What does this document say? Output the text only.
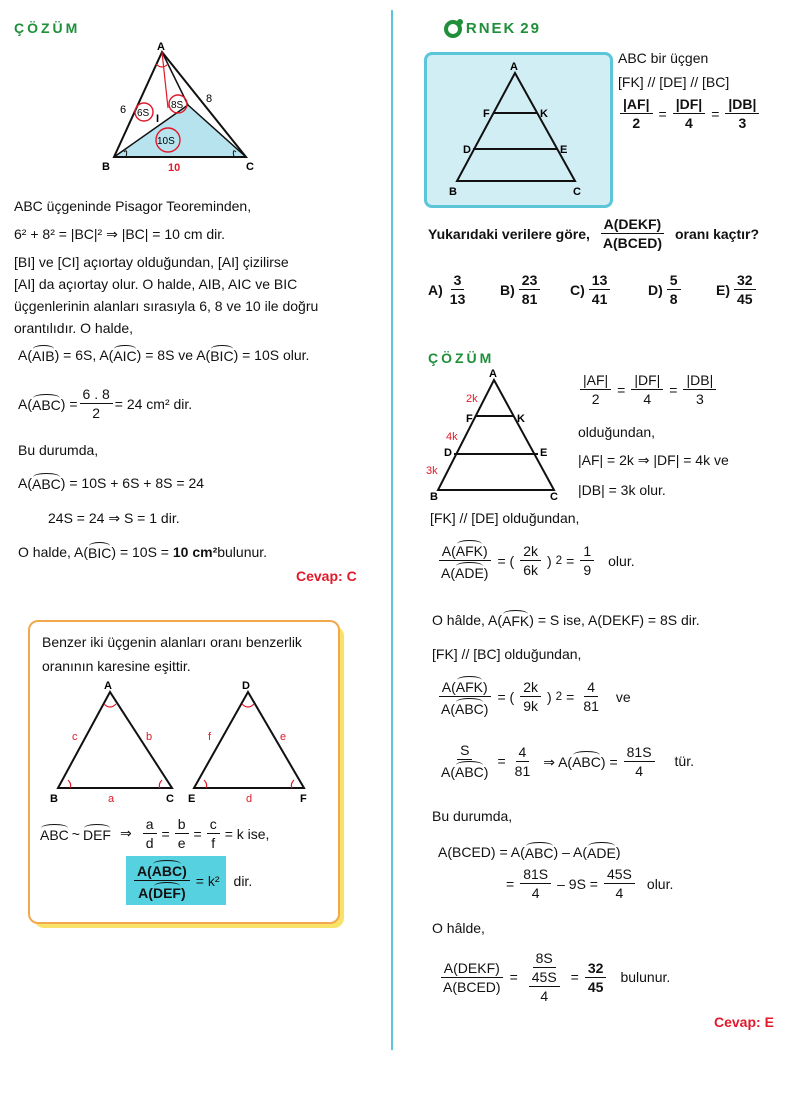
ÇÖZÜM
A
B	C
I
6
8
10
6S
8S
10S
ABC üçgeninde Pisagor Teoreminden,
6² + 8² = |BC|² ⇒ |BC| = 10 cm dir.
[BI] ve [CI] açıortay olduğundan, [AI] çizilirse
[AI] da açıortay olur. O halde, AIB, AIC ve BIC
üçgenlerinin alanları sırasıyla 6, 8 ve 10 ile doğru
orantılıdır. O halde,
A( AIB ) = 6S, A( AIC ) = 8S ve A( BIC ) = 10S olur.
A( ABC ) = $\frac{6 . 8}{2} = 24$ cm² dir.
Bu durumda,
A( ABC ) = 10S + 6S + 8S = 24
24S = 24 ⇒ S = 1 dir.
O halde, A( BIC ) = 10S =
10 cm² bulunur.
Cevap: C
Benzer iki üçgenin alanları oranı benzerlik
oranının karesine eşittir.
A
B	C
a
b
c
D
E	F
d
e
f
ABC ~ DEF ⇒ $\frac{a}{d} = \frac{b}{e} = \frac{c}{f} = k$ ise,
$\frac{\text{A(ABC)}}{\text{A(DEF)}} = k^2$ dir.
RNEK 29
A
F	K
D	E
B	C
ABC bir üçgen
[FK] // [DE] // [BC]
$\frac{|AF|}{2} = \frac{|DF|}{4} = \frac{|DB|}{3}$
Yukarıdaki verilere göre, $\frac{\text{A(DEKF)}}{\text{A(BCED)}}$ oranı kaçtır?
$A) \frac{3}{13} B) \frac{23}{81} C) \frac{13}{41}$	$D) \frac{5}{8}$	$E) \frac{32}{45}$
ÇÖZÜM
A
F	K
D	E
B	C
2k
4k
3k
$\frac{|AF|}{2} = \frac{|DF|}{4} = \frac{|DB|}{3}$
olduğundan,
|AF| = 2k ⇒ |DF| = 4k ve
|DB| = 3k olur.
[FK] // [DE] olduğundan,
$\frac{\text{A(AFK)}}{\text{A(ADE)}}$ = ( $\frac{2k}{6k}$ ) $2 = \frac{1}{9}$ olur.
O hâlde, A( AFK ) = S ise, A(DEKF) = 8S dir.
[FK] // [BC] olduğundan,
$\frac{\text{A(AFK)}}{\text{A(ABC)}}$ = ( $\frac{2k}{9k}$ ) $2 = \frac{4}{81}$ ve
$\frac{S}{\text{A(ABC)}} = \frac{4}{81}$ ⇒ $A(ABC) = \frac{81S}{4}$ tür.
Bu durumda,
A(BCED) = A( ABC ) – A( ADE )
= $\frac{81S}{4} - 9S = \frac{45S}{4}$ olur.
O hâlde,
$\frac{\text{A(DEKF)}}{\text{A(BCED)}} = \frac{8S}{\frac{45S}{4}} = \frac{32}{45}$ bulunur.
Cevap: E
